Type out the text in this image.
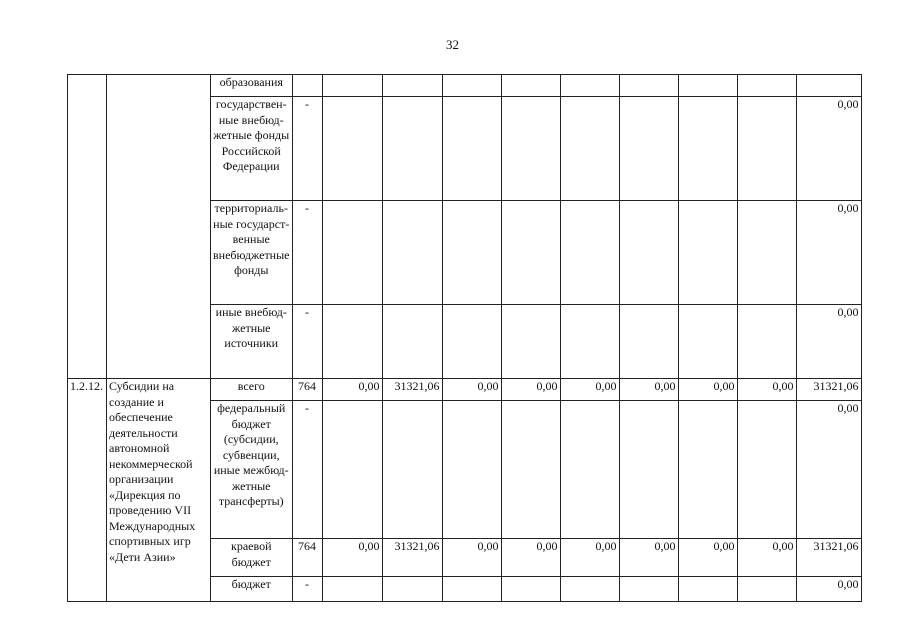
32
		образования										
		государствен-ные внебюд-жетные фонды Российской Федерации	-									0,00
		территориаль-ные государст-венные внебюджетные фонды	-									0,00
		иные внебюд-жетные источники	-									0,00
1.2.12.	Субсидии на создание и обеспечение деятельности автономной некоммерческой организации «Дирекция по проведению VII Международных спортивных игр «Дети Азии»	всего	764	0,00	31321,06	0,00	0,00	0,00	0,00	0,00	0,00	31321,06
		федеральный бюджет (субсидии, субвенции, иные межбюд-жетные трансферты)	-									0,00
		краевой бюджет	764	0,00	31321,06	0,00	0,00	0,00	0,00	0,00	0,00	31321,06
		бюджет	-									0,00
